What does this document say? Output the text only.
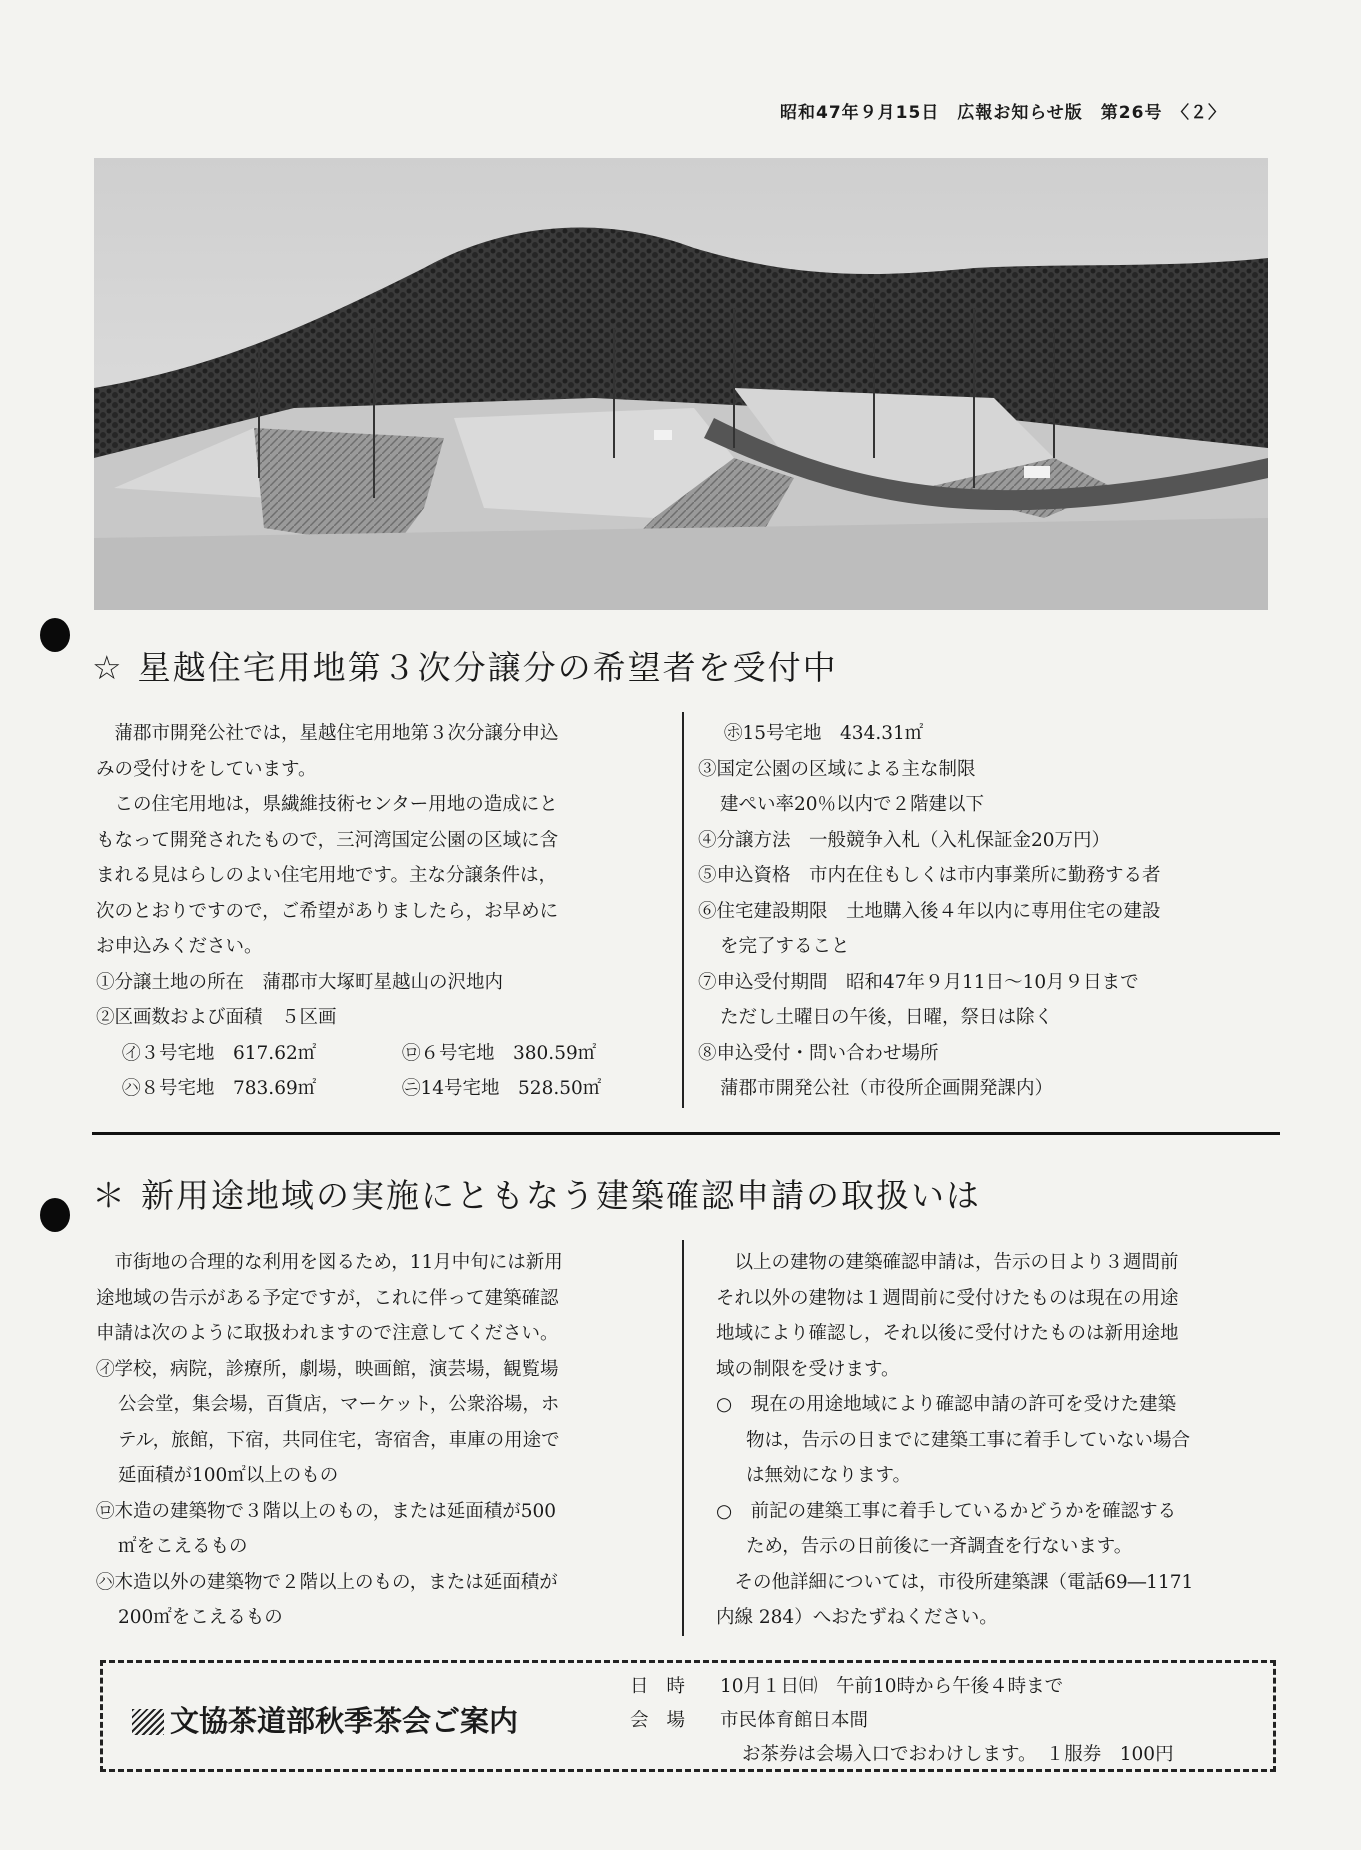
昭和47年９月15日　広報お知らせ版　第26号　〈２〉
☆ 星越住宅用地第３次分譲分の希望者を受付中
　蒲郡市開発公社では，星越住宅用地第３次分譲分申込
みの受付けをしています。
　この住宅用地は，県繊維技術センター用地の造成にと
もなって開発されたもので，三河湾国定公園の区域に含
まれる見はらしのよい住宅用地です。主な分譲条件は，
次のとおりですので，ご希望がありましたら，お早めに
お申込みください。
①分譲土地の所在　蒲郡市大塚町星越山の沢地内
②区画数および面積　５区画
㋑３号宅地　617.62㎡	㋺６号宅地　380.59㎡
㋩８号宅地　783.69㎡	㋥14号宅地　528.50㎡
㋭15号宅地　434.31㎡
③国定公園の区域による主な制限
建ぺい率20％以内で２階建以下
④分譲方法　一般競争入札（入札保証金20万円）
⑤申込資格　市内在住もしくは市内事業所に勤務する者
⑥住宅建設期限　土地購入後４年以内に専用住宅の建設
を完了すること
⑦申込受付期間　昭和47年９月11日〜10月９日まで
ただし土曜日の午後，日曜，祭日は除く
⑧申込受付・問い合わせ場所
蒲郡市開発公社（市役所企画開発課内）
＊ 新用途地域の実施にともなう建築確認申請の取扱いは
　市街地の合理的な利用を図るため，11月中旬には新用
途地域の告示がある予定ですが，これに伴って建築確認
申請は次のように取扱われますので注意してください。
㋑学校，病院，診療所，劇場，映画館，演芸場，観覧場
公会堂，集会場，百貨店，マーケット，公衆浴場，ホ
テル，旅館，下宿，共同住宅，寄宿舎，車庫の用途で
延面積が100㎡以上のもの
㋺木造の建築物で３階以上のもの，または延面積が500
㎡をこえるもの
㋩木造以外の建築物で２階以上のもの，または延面積が
200㎡をこえるもの
　以上の建物の建築確認申請は，告示の日より３週間前
それ以外の建物は１週間前に受付けたものは現在の用途
地域により確認し，それ以後に受付けたものは新用途地
域の制限を受けます。
○　現在の用途地域により確認申請の許可を受けた建築
物は，告示の日までに建築工事に着手していない場合
は無効になります。
○　前記の建築工事に着手しているかどうかを確認する
ため，告示の日前後に一斉調査を行ないます。
　その他詳細については，市役所建築課（電話69―1171
内線 284）へおたずねください。
文協茶道部秋季茶会ご案内
日時 10月１日㈰　午前10時から午後４時まで
会場 市民体育館日本間
お茶券は会場入口でおわけします。　１服券　100円
